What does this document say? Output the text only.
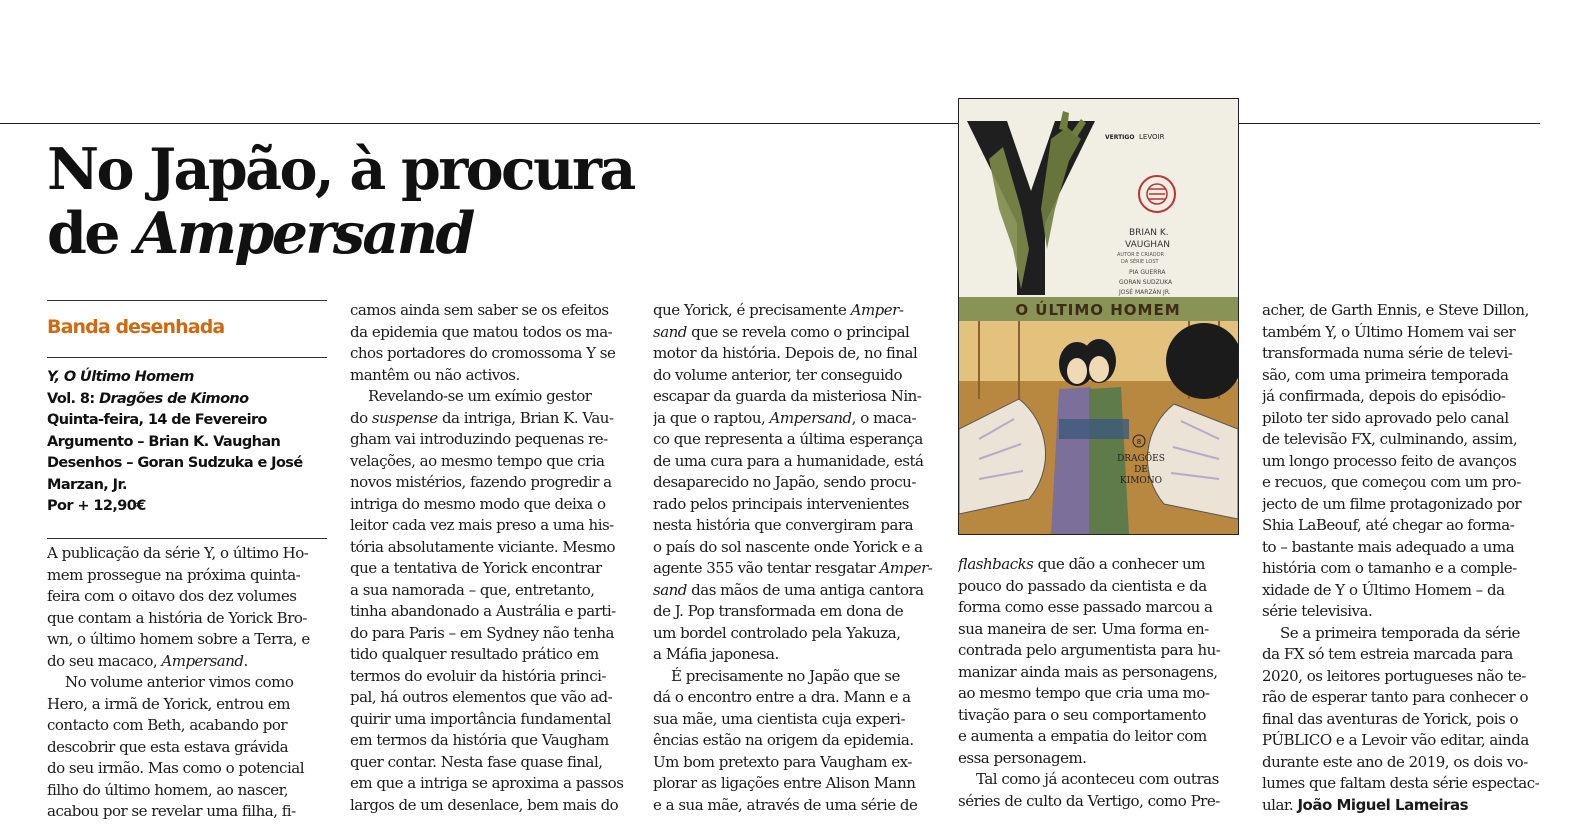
No Japão, à procura
de Ampersand
Banda desenhada
Y, O Último Homem
Vol. 8: Dragões de Kimono
Quinta-feira, 14 de Fevereiro
Argumento – Brian K. Vaughan
Desenhos – Goran Sudzuka e José
Marzan, Jr.
Por + 12,90€
A publicação da série Y, o último Ho-
mem prossegue na próxima quinta-
feira com o oitavo dos dez volumes
que contam a história de Yorick Bro-
wn, o último homem sobre a Terra, e
do seu macaco, Ampersand.
No volume anterior vimos como
Hero, a irmã de Yorick, entrou em
contacto com Beth, acabando por
descobrir que esta estava grávida
do seu irmão. Mas como o potencial
filho do último homem, ao nascer,
acabou por se revelar uma filha, fi-
camos ainda sem saber se os efeitos
da epidemia que matou todos os ma-
chos portadores do cromossoma Y se
mantêm ou não activos.
Revelando-se um exímio gestor
do suspense da intriga, Brian K. Vau-
gham vai introduzindo pequenas re-
velações, ao mesmo tempo que cria
novos mistérios, fazendo progredir a
intriga do mesmo modo que deixa o
leitor cada vez mais preso a uma his-
tória absolutamente viciante. Mesmo
que a tentativa de Yorick encontrar
a sua namorada – que, entretanto,
tinha abandonado a Austrália e parti-
do para Paris – em Sydney não tenha
tido qualquer resultado prático em
termos do evoluir da história princi-
pal, há outros elementos que vão ad-
quirir uma importância fundamental
em termos da história que Vaugham
quer contar. Nesta fase quase final,
em que a intriga se aproxima a passos
largos de um desenlace, bem mais do
que Yorick, é precisamente Amper-
sand que se revela como o principal
motor da história. Depois de, no final
do volume anterior, ter conseguido
escapar da guarda da misteriosa Nin-
ja que o raptou, Ampersand, o maca-
co que representa a última esperança
de uma cura para a humanidade, está
desaparecido no Japão, sendo procu-
rado pelos principais intervenientes
nesta história que convergiram para
o país do sol nascente onde Yorick e a
agente 355 vão tentar resgatar Amper-
sand das mãos de uma antiga cantora
de J. Pop transformada em dona de
um bordel controlado pela Yakuza,
a Máfia japonesa.
É precisamente no Japão que se
dá o encontro entre a dra. Mann e a
sua mãe, uma cientista cuja experi-
ências estão na origem da epidemia.
Um bom pretexto para Vaugham ex-
plorar as ligações entre Alison Mann
e a sua mãe, através de uma série de
VERTIGO LEVOIR
BRIAN K.
VAUGHAN
AUTOR E CRIADOR
DA SÉRIE LOST
PIA GUERRA
GORAN SUDZUKA
JOSÉ MARZÁN JR.
O ÚLTIMO HOMEM
8
DRAGÕES
DE
KIMONO
flashbacks que dão a conhecer um
pouco do passado da cientista e da
forma como esse passado marcou a
sua maneira de ser. Uma forma en-
contrada pelo argumentista para hu-
manizar ainda mais as personagens,
ao mesmo tempo que cria uma mo-
tivação para o seu comportamento
e aumenta a empatia do leitor com
essa personagem.
Tal como já aconteceu com outras
séries de culto da Vertigo, como Pre-
acher, de Garth Ennis, e Steve Dillon,
também Y, o Último Homem vai ser
transformada numa série de televi-
são, com uma primeira temporada
já confirmada, depois do episódio-
piloto ter sido aprovado pelo canal
de televisão FX, culminando, assim,
um longo processo feito de avanços
e recuos, que começou com um pro-
jecto de um filme protagonizado por
Shia LaBeouf, até chegar ao forma-
to – bastante mais adequado a uma
história com o tamanho e a comple-
xidade de Y o Último Homem – da
série televisiva.
Se a primeira temporada da série
da FX só tem estreia marcada para
2020, os leitores portugueses não te-
rão de esperar tanto para conhecer o
final das aventuras de Yorick, pois o
PÚBLICO e a Levoir vão editar, ainda
durante este ano de 2019, os dois vo-
lumes que faltam desta série espectac-
ular. João Miguel Lameiras
